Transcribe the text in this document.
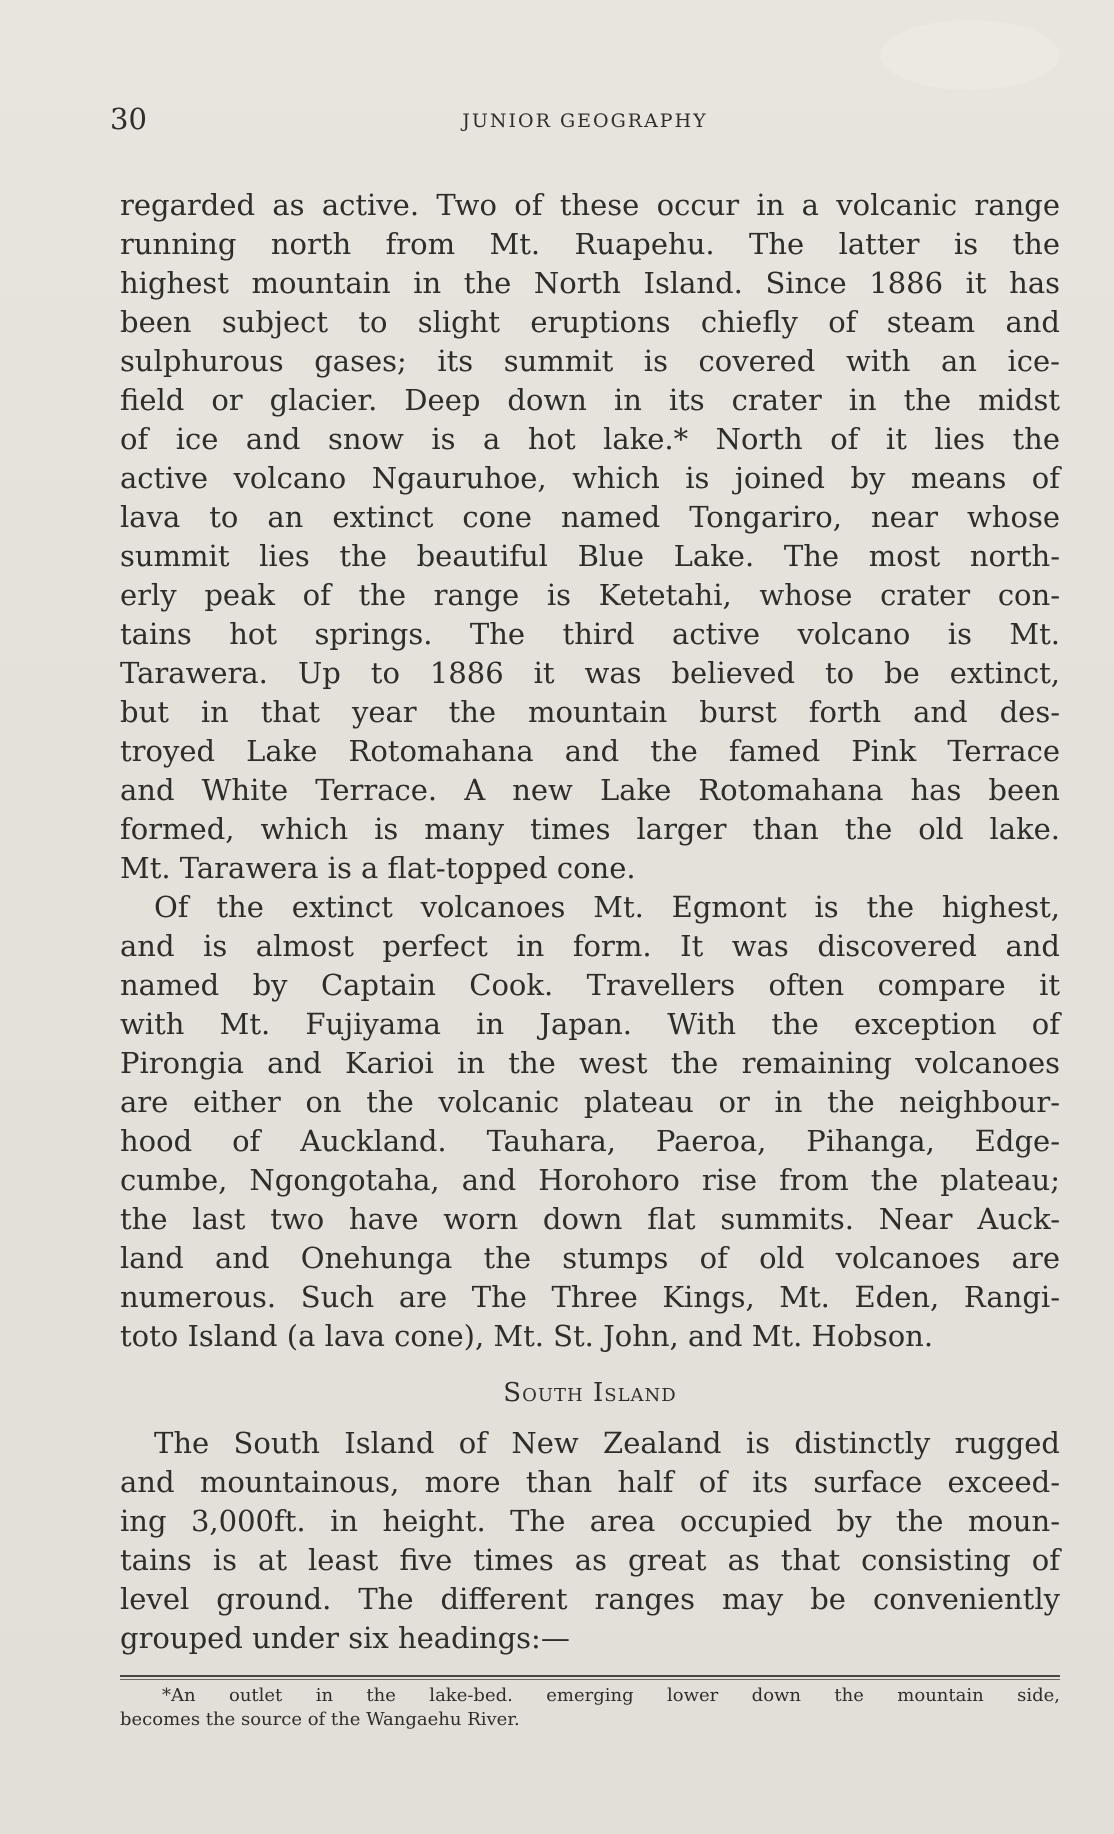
30	JUNIOR GEOGRAPHY
regarded as active. Two of these occur in a volcanic range
running north from Mt. Ruapehu. The latter is the
highest mountain in the North Island. Since 1886 it has
been subject to slight eruptions chiefly of steam and
sulphurous gases; its summit is covered with an ice-
field or glacier. Deep down in its crater in the midst
of ice and snow is a hot lake.* North of it lies the
active volcano Ngauruhoe, which is joined by means of
lava to an extinct cone named Tongariro, near whose
summit lies the beautiful Blue Lake. The most north-
erly peak of the range is Ketetahi, whose crater con-
tains hot springs. The third active volcano is Mt.
Tarawera. Up to 1886 it was believed to be extinct,
but in that year the mountain burst forth and des-
troyed Lake Rotomahana and the famed Pink Terrace
and White Terrace. A new Lake Rotomahana has been
formed, which is many times larger than the old lake.
Mt. Tarawera is a flat-topped cone.
Of the extinct volcanoes Mt. Egmont is the highest,
and is almost perfect in form. It was discovered and
named by Captain Cook. Travellers often compare it
with Mt. Fujiyama in Japan. With the exception of
Pirongia and Karioi in the west the remaining volcanoes
are either on the volcanic plateau or in the neighbour-
hood of Auckland. Tauhara, Paeroa, Pihanga, Edge-
cumbe, Ngongotaha, and Horohoro rise from the plateau;
the last two have worn down flat summits. Near Auck-
land and Onehunga the stumps of old volcanoes are
numerous. Such are The Three Kings, Mt. Eden, Rangi-
toto Island (a lava cone), Mt. St. John, and Mt. Hobson.
South Island
The South Island of New Zealand is distinctly rugged
and mountainous, more than half of its surface exceed-
ing 3,000ft. in height. The area occupied by the moun-
tains is at least five times as great as that consisting of
level ground. The different ranges may be conveniently
grouped under six headings:—
*An outlet in the lake-bed. emerging lower down the mountain side,
becomes the source of the Wangaehu River.
